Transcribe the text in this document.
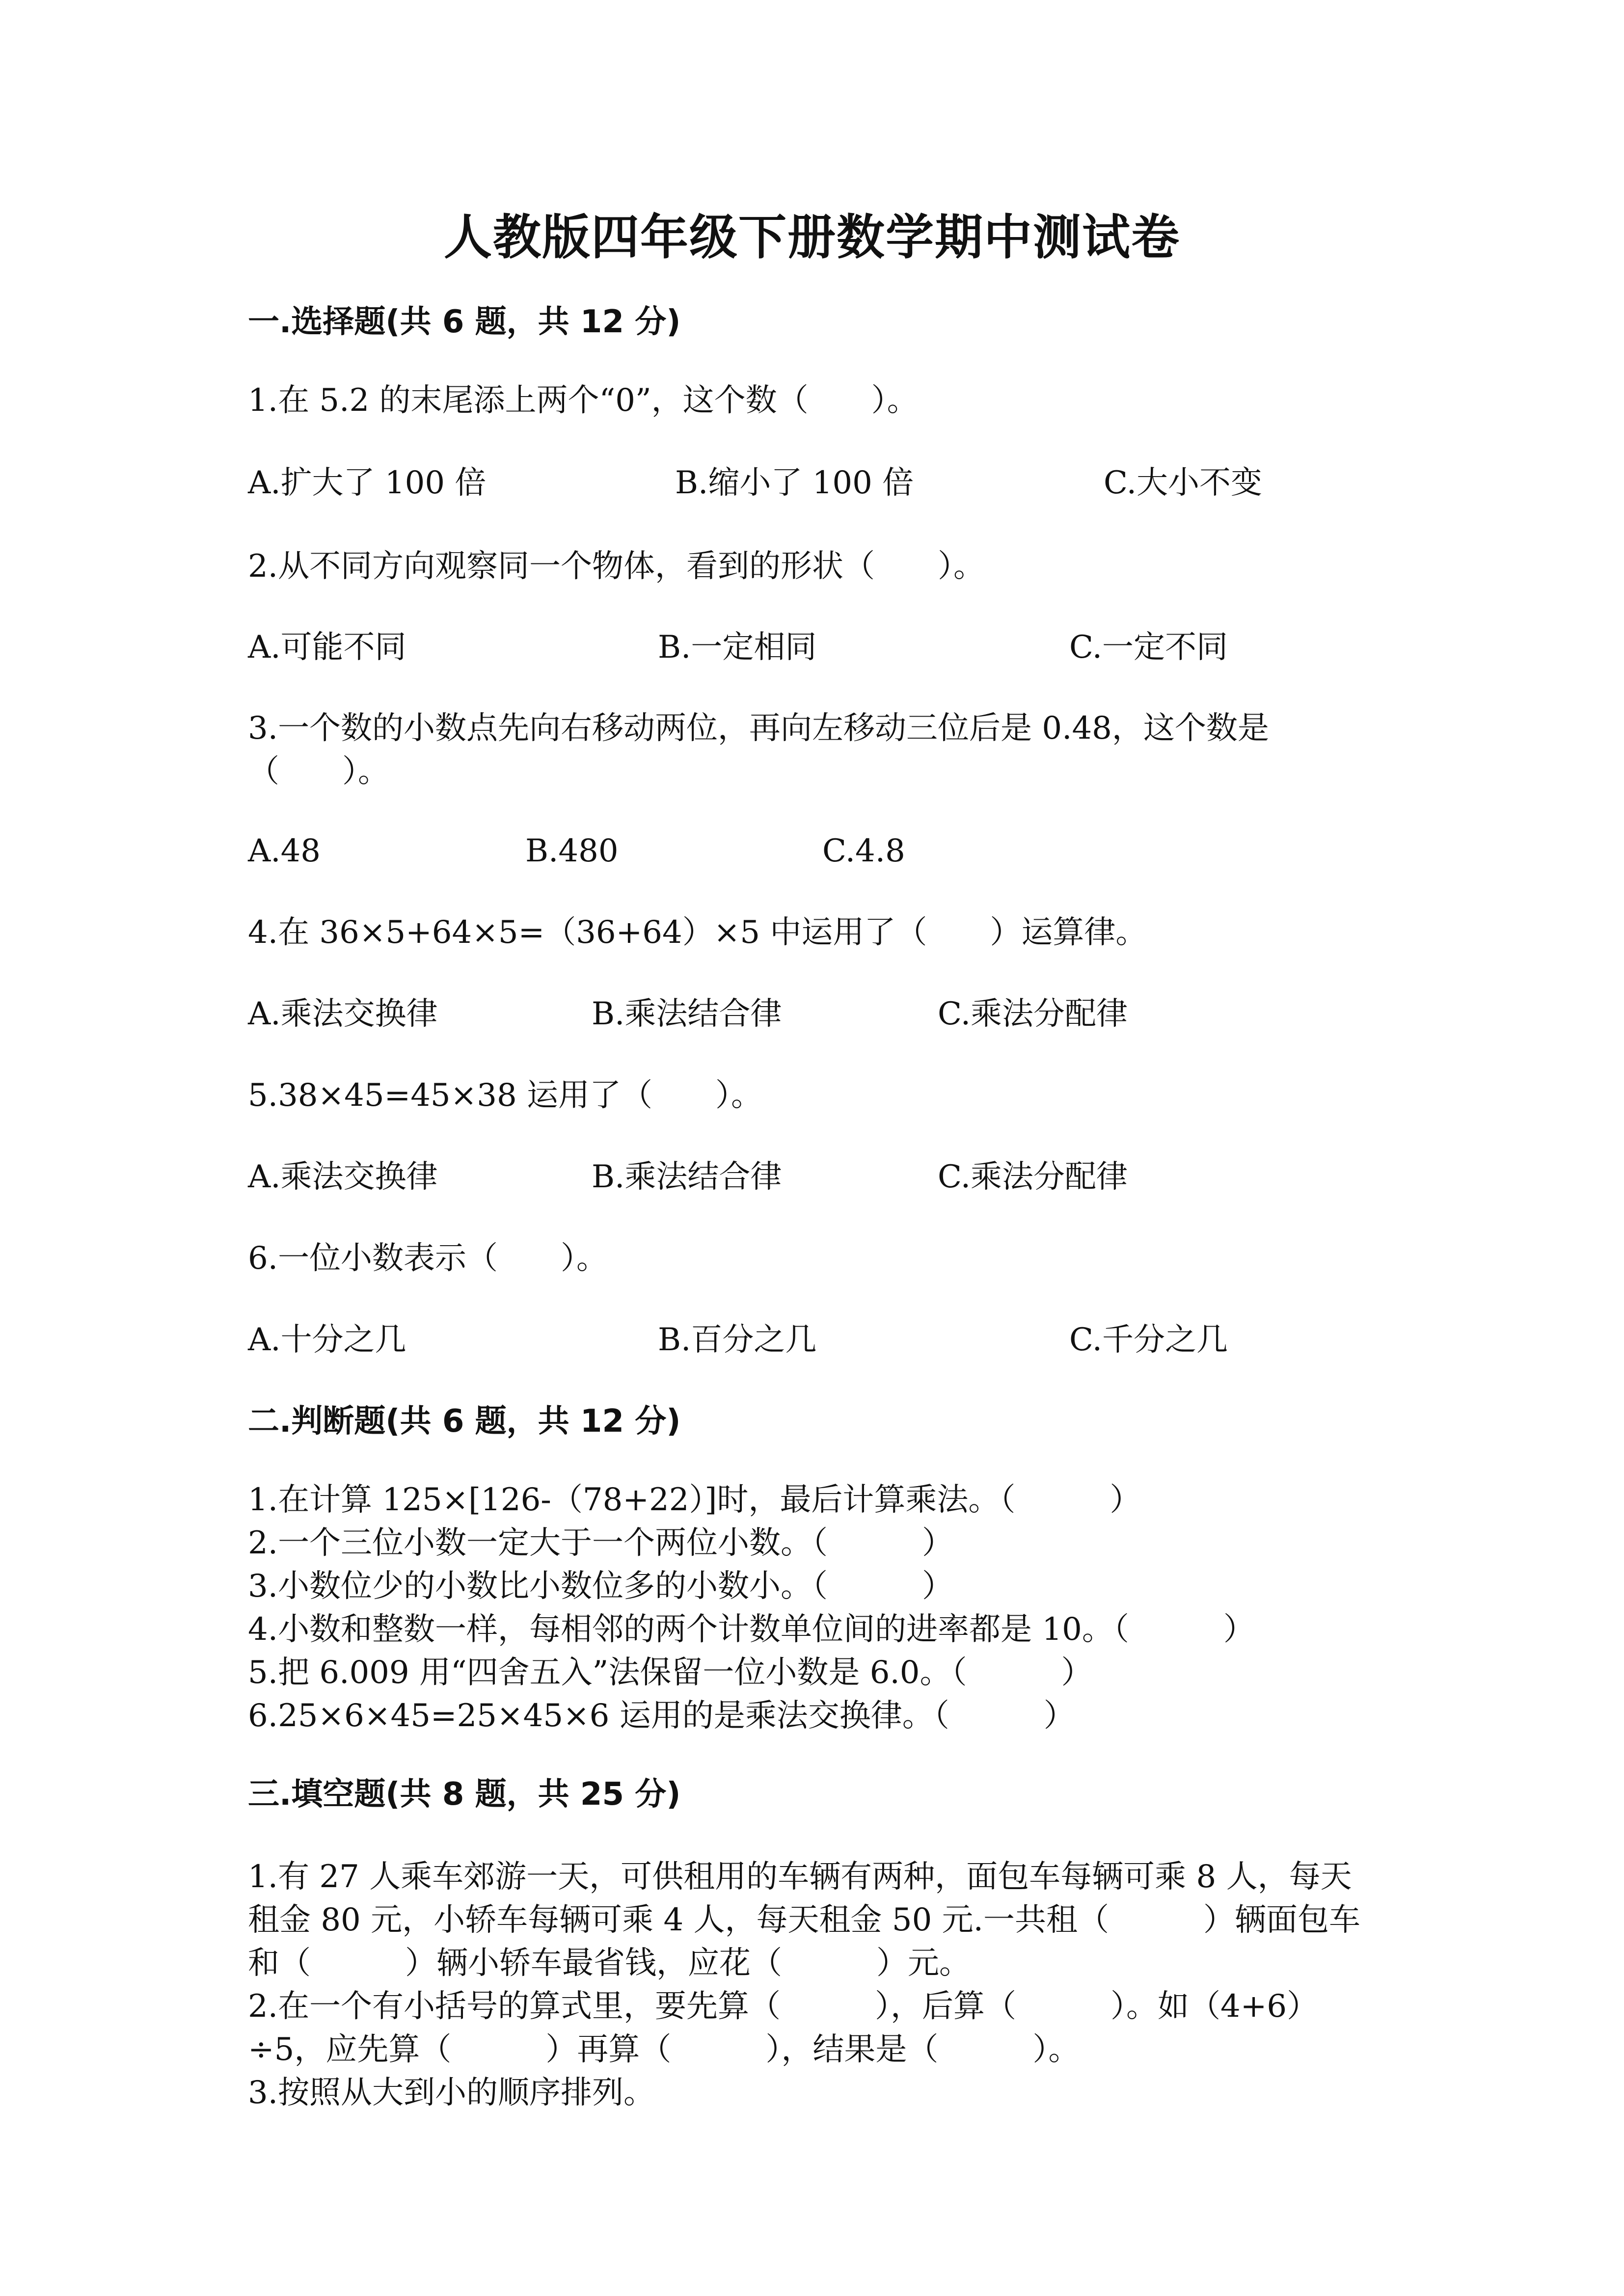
人教版四年级下册数学期中测试卷
一.选择题(共 6 题，共 12 分)
1.在 5.2 的末尾添上两个“0”，这个数（　　）。
A.扩大了 100 倍	B.缩小了 100 倍	C.大小不变
2.从不同方向观察同一个物体，看到的形状（　　）。
A.可能不同	B.一定相同	C.一定不同
3.一个数的小数点先向右移动两位，再向左移动三位后是 0.48，这个数是
（　　）。
A.48	B.480	C.4.8
4.在 36×5+64×5=（36+64）×5 中运用了（　　）运算律。
A.乘法交换律	B.乘法结合律	C.乘法分配律
5.38×45=45×38 运用了（　　）。
A.乘法交换律	B.乘法结合律	C.乘法分配律
6.一位小数表示（　　）。
A.十分之几	B.百分之几	C.千分之几
二.判断题(共 6 题，共 12 分)
1.在计算 125×[126-（78+22）]时，最后计算乘法。（　　　）
2.一个三位小数一定大于一个两位小数。（　　　）
3.小数位少的小数比小数位多的小数小。（　　　）
4.小数和整数一样，每相邻的两个计数单位间的进率都是 10。（　　　）
5.把 6.009 用“四舍五入”法保留一位小数是 6.0。（　　　）
6.25×6×45=25×45×6 运用的是乘法交换律。（　　　）
三.填空题(共 8 题，共 25 分)
1.有 27 人乘车郊游一天，可供租用的车辆有两种，面包车每辆可乘 8 人，每天
租金 80 元，小轿车每辆可乘 4 人，每天租金 50 元.一共租（　　　）辆面包车
和（　　　）辆小轿车最省钱，应花（　　　）元。
2.在一个有小括号的算式里，要先算（　　　），后算（　　　）。如（4+6）
÷5，应先算（　　　）再算（　　　），结果是（　　　）。
3.按照从大到小的顺序排列。
